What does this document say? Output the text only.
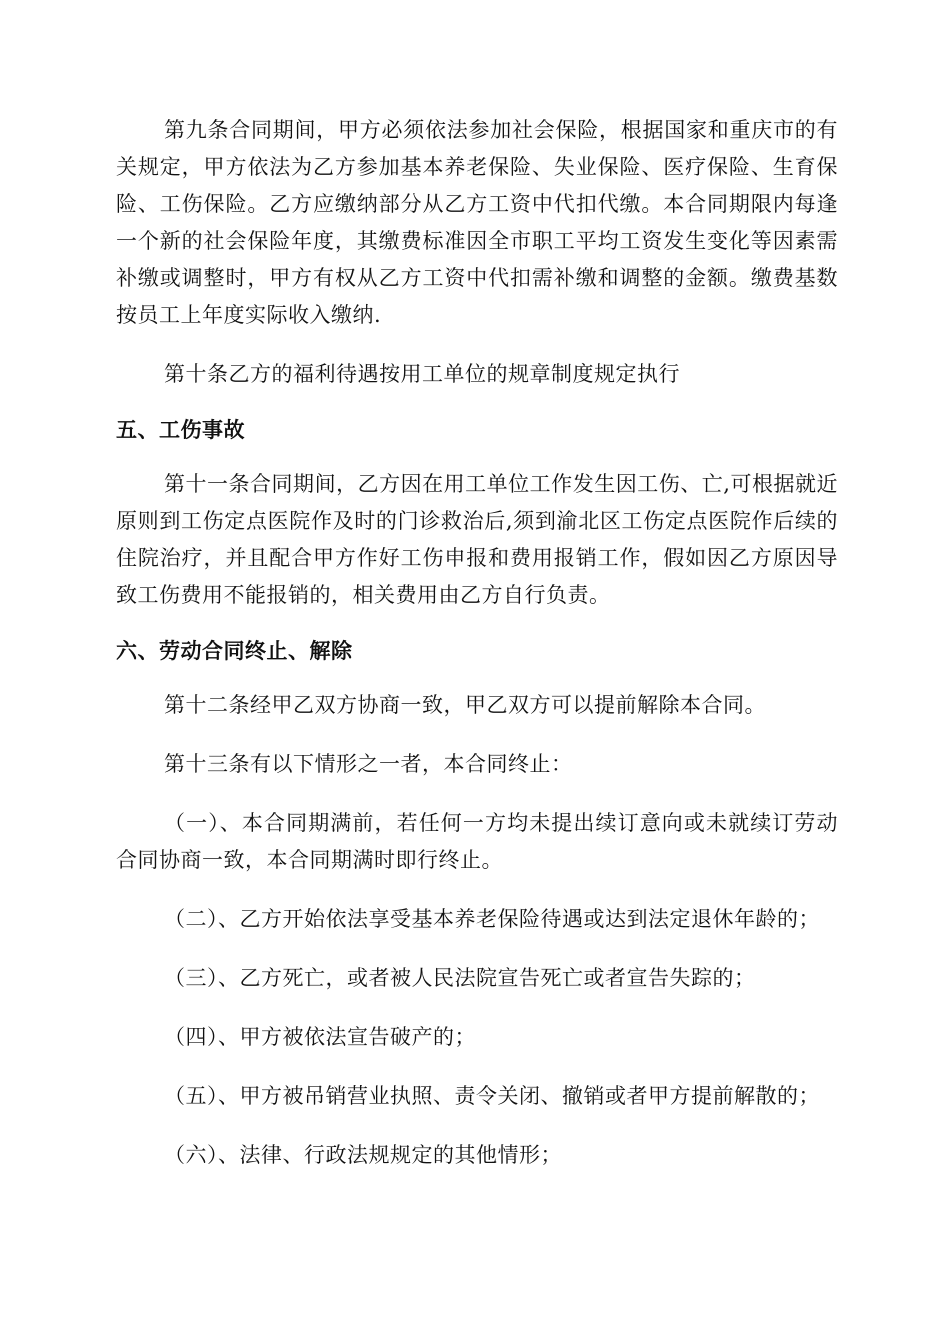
第九条合同期间，甲方必须依法参加社会保险，根据国家和重庆市的有关规定，甲方依法为乙方参加基本养老保险、失业保险、医疗保险、生育保险、工伤保险。乙方应缴纳部分从乙方工资中代扣代缴。本合同期限内每逢一个新的社会保险年度，其缴费标准因全市职工平均工资发生变化等因素需补缴或调整时，甲方有权从乙方工资中代扣需补缴和调整的金额。缴费基数按员工上年度实际收入缴纳.

第十条乙方的福利待遇按用工单位的规章制度规定执行

五、工伤事故

第十一条合同期间，乙方因在用工单位工作发生因工伤、亡,可根据就近原则到工伤定点医院作及时的门诊救治后,须到渝北区工伤定点医院作后续的住院治疗，并且配合甲方作好工伤申报和费用报销工作，假如因乙方原因导致工伤费用不能报销的，相关费用由乙方自行负责。

六、劳动合同终止、解除

第十二条经甲乙双方协商一致，甲乙双方可以提前解除本合同。

第十三条有以下情形之一者，本合同终止：

（一）、本合同期满前，若任何一方均未提出续订意向或未就续订劳动合同协商一致，本合同期满时即行终止。

（二）、乙方开始依法享受基本养老保险待遇或达到法定退休年龄的；

（三）、乙方死亡，或者被人民法院宣告死亡或者宣告失踪的；

（四）、甲方被依法宣告破产的；

（五）、甲方被吊销营业执照、责令关闭、撤销或者甲方提前解散的；

（六）、法律、行政法规规定的其他情形；
